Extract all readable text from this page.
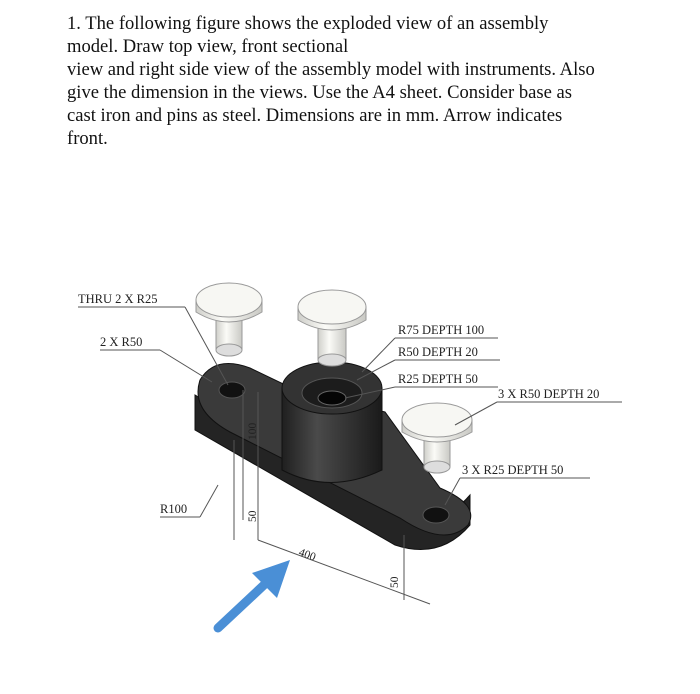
1. The following figure shows the exploded view of an assembly
model. Draw top view, front sectional
view and right side view of the assembly model with instruments. Also
give the dimension in the views. Use the A4 sheet. Consider base as
cast iron and pins as steel. Dimensions are in mm. Arrow indicates
front.
THRU 2 X R25
2 X R50
R75 DEPTH 100
R50 DEPTH 20
R25 DEPTH 50
3 X R50 DEPTH 20
3 X R25 DEPTH 50
R100
100
50
400
50
